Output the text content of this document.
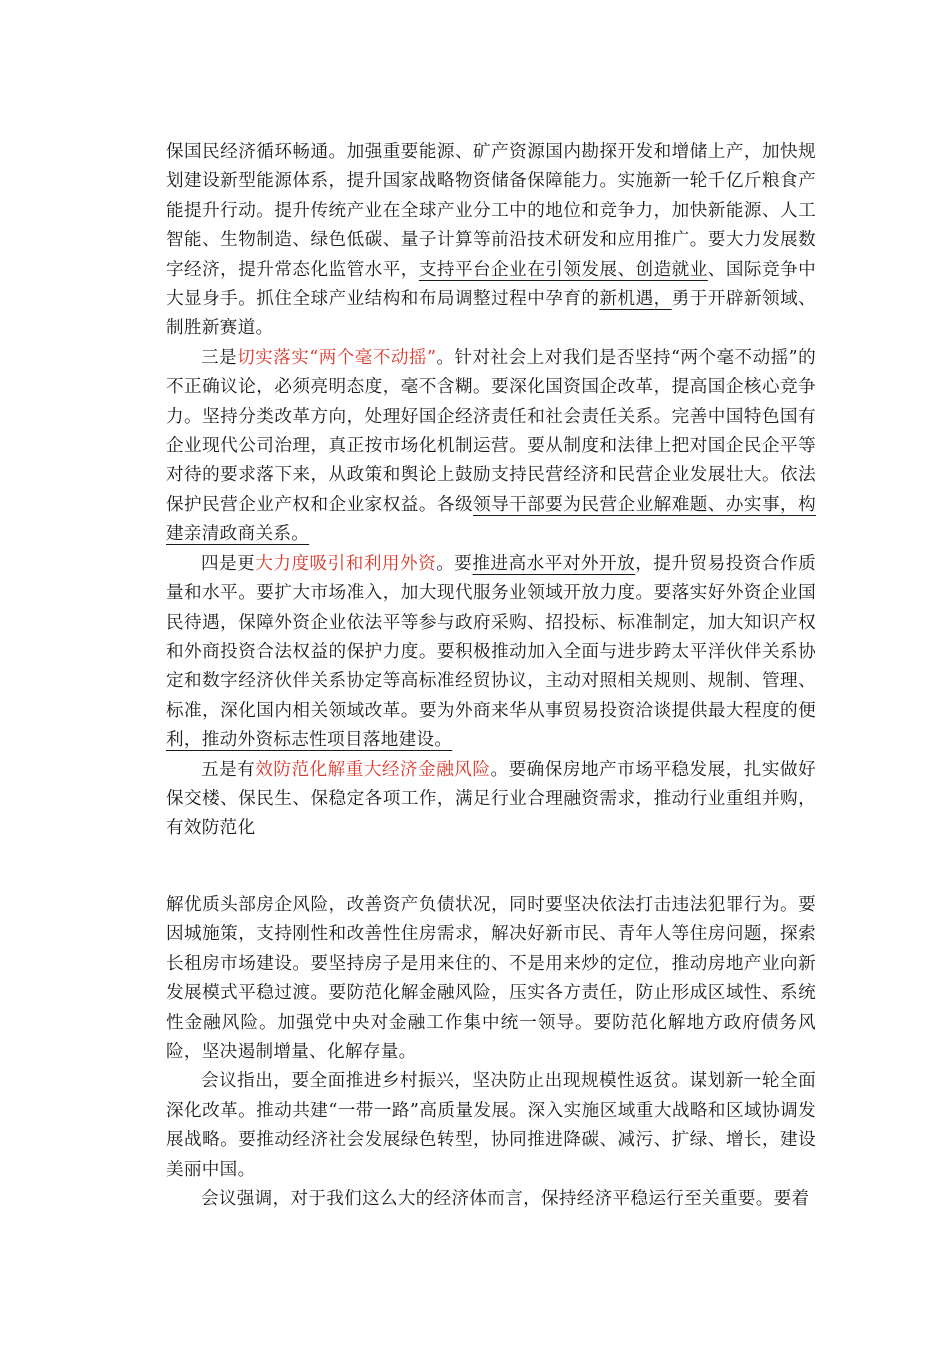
保国民经济循环畅通。加强重要能源、矿产资源国内勘探开发和增储上产，加快规划建设新型能源体系，提升国家战略物资储备保障能力。实施新一轮千亿斤粮食产能提升行动。提升传统产业在全球产业分工中的地位和竞争力，加快新能源、人工智能、生物制造、绿色低碳、量子计算等前沿技术研发和应用推广。要大力发展数字经济，提升常态化监管水平，支持平台企业在引领发展、创造就业、国际竞争中大显身手。抓住全球产业结构和布局调整过程中孕育的新机遇，勇于开辟新领域、制胜新赛道。

三是切实落实“两个毫不动摇”。针对社会上对我们是否坚持“两个毫不动摇”的不正确议论，必须亮明态度，毫不含糊。要深化国资国企改革，提高国企核心竞争力。坚持分类改革方向，处理好国企经济责任和社会责任关系。完善中国特色国有企业现代公司治理，真正按市场化机制运营。要从制度和法律上把对国企民企平等对待的要求落下来，从政策和舆论上鼓励支持民营经济和民营企业发展壮大。依法保护民营企业产权和企业家权益。各级领导干部要为民营企业解难题、办实事，构建亲清政商关系。

四是更大力度吸引和利用外资。要推进高水平对外开放，提升贸易投资合作质量和水平。要扩大市场准入，加大现代服务业领域开放力度。要落实好外资企业国民待遇，保障外资企业依法平等参与政府采购、招投标、标准制定，加大知识产权和外商投资合法权益的保护力度。要积极推动加入全面与进步跨太平洋伙伴关系协定和数字经济伙伴关系协定等高标准经贸协议，主动对照相关规则、规制、管理、标准，深化国内相关领域改革。要为外商来华从事贸易投资洽谈提供最大程度的便利，推动外资标志性项目落地建设。

五是有效防范化解重大经济金融风险。要确保房地产市场平稳发展，扎实做好保交楼、保民生、保稳定各项工作，满足行业合理融资需求，推动行业重组并购，有效防范化

解优质头部房企风险，改善资产负债状况，同时要坚决依法打击违法犯罪行为。要因城施策，支持刚性和改善性住房需求，解决好新市民、青年人等住房问题，探索长租房市场建设。要坚持房子是用来住的、不是用来炒的定位，推动房地产业向新发展模式平稳过渡。要防范化解金融风险，压实各方责任，防止形成区域性、系统性金融风险。加强党中央对金融工作集中统一领导。要防范化解地方政府债务风险，坚决遏制增量、化解存量。

会议指出，要全面推进乡村振兴，坚决防止出现规模性返贫。谋划新一轮全面深化改革。推动共建“一带一路”高质量发展。深入实施区域重大战略和区域协调发展战略。要推动经济社会发展绿色转型，协同推进降碳、减污、扩绿、增长，建设美丽中国。

会议强调，对于我们这么大的经济体而言，保持经济平稳运行至关重要。要着
